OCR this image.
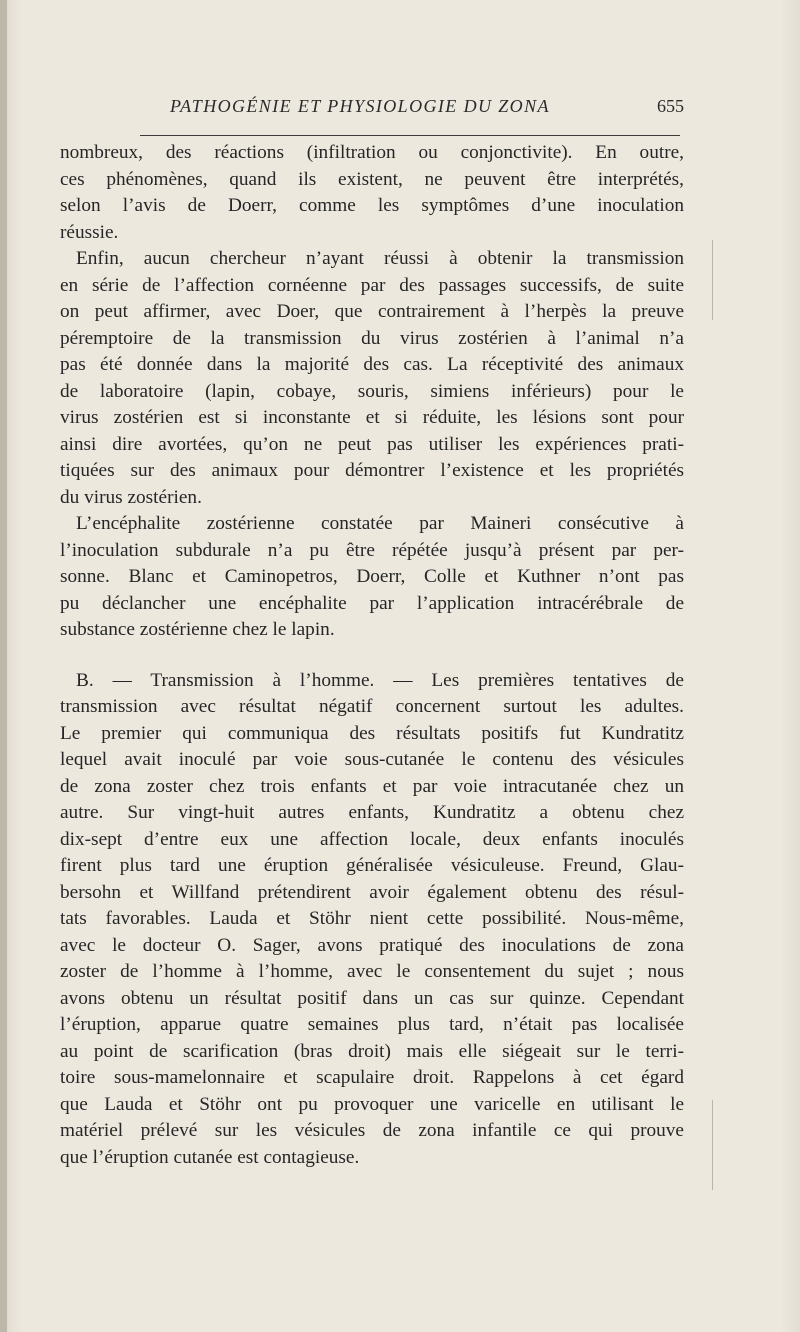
PATHOGÉNIE ET PHYSIOLOGIE DU ZONA	655
nombreux, des réactions (infiltration ou conjonctivite). En outre,
ces phénomènes, quand ils existent, ne peuvent être interprétés,
selon l’avis de Doerr, comme les symptômes d’une inoculation
réussie.
Enfin, aucun chercheur n’ayant réussi à obtenir la transmission
en série de l’affection cornéenne par des passages successifs, de suite
on peut affirmer, avec Doer, que contrairement à l’herpès la preuve
péremptoire de la transmission du virus zostérien à l’animal n’a
pas été donnée dans la majorité des cas. La réceptivité des animaux
de laboratoire (lapin, cobaye, souris, simiens inférieurs) pour le
virus zostérien est si inconstante et si réduite, les lésions sont pour
ainsi dire avortées, qu’on ne peut pas utiliser les expériences prati-
tiquées sur des animaux pour démontrer l’existence et les propriétés
du virus zostérien.
L’encéphalite zostérienne constatée par Maineri consécutive à
l’inoculation subdurale n’a pu être répétée jusqu’à présent par per-
sonne. Blanc et Caminopetros, Doerr, Colle et Kuthner n’ont pas
pu déclancher une encéphalite par l’application intracérébrale de
substance zostérienne chez le lapin.
B. — Transmission à l’homme. — Les premières tentatives de
transmission avec résultat négatif concernent surtout les adultes.
Le premier qui communiqua des résultats positifs fut Kundratitz
lequel avait inoculé par voie sous-cutanée le contenu des vésicules
de zona zoster chez trois enfants et par voie intracutanée chez un
autre. Sur vingt-huit autres enfants, Kundratitz a obtenu chez
dix-sept d’entre eux une affection locale, deux enfants inoculés
firent plus tard une éruption généralisée vésiculeuse. Freund, Glau-
bersohn et Willfand prétendirent avoir également obtenu des résul-
tats favorables. Lauda et Stöhr nient cette possibilité. Nous-même,
avec le docteur O. Sager, avons pratiqué des inoculations de zona
zoster de l’homme à l’homme, avec le consentement du sujet ; nous
avons obtenu un résultat positif dans un cas sur quinze. Cependant
l’éruption, apparue quatre semaines plus tard, n’était pas localisée
au point de scarification (bras droit) mais elle siégeait sur le terri-
toire sous-mamelonnaire et scapulaire droit. Rappelons à cet égard
que Lauda et Stöhr ont pu provoquer une varicelle en utilisant le
matériel prélevé sur les vésicules de zona infantile ce qui prouve
que l’éruption cutanée est contagieuse.
